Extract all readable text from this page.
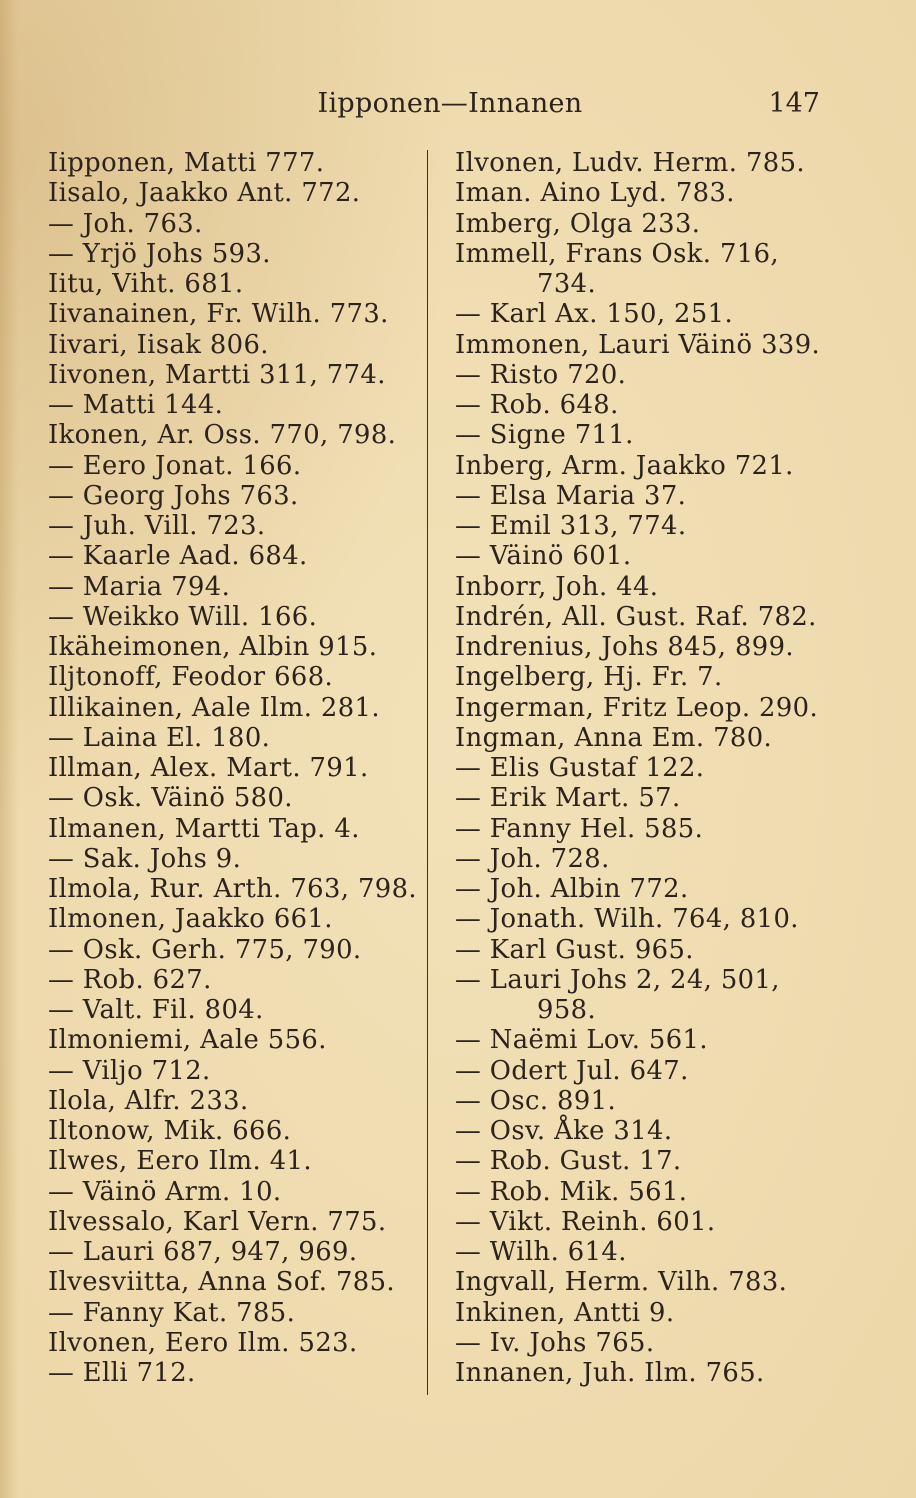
Iipponen—Innanen	147
Iipponen, Matti 777.
Iisalo, Jaakko Ant. 772.
— Joh. 763.
— Yrjö Johs 593.
Iitu, Viht. 681.
Iivanainen, Fr. Wilh. 773.
Iivari, Iisak 806.
Iivonen, Martti 311, 774.
— Matti 144.
Ikonen, Ar. Oss. 770, 798.
— Eero Jonat. 166.
— Georg Johs 763.
— Juh. Vill. 723.
— Kaarle Aad. 684.
— Maria 794.
— Weikko Will. 166.
Ikäheimonen, Albin 915.
Iljtonoff, Feodor 668.
Illikainen, Aale Ilm. 281.
— Laina El. 180.
Illman, Alex. Mart. 791.
— Osk. Väinö 580.
Ilmanen, Martti Tap. 4.
— Sak. Johs 9.
Ilmola, Rur. Arth. 763, 798.
Ilmonen, Jaakko 661.
— Osk. Gerh. 775, 790.
— Rob. 627.
— Valt. Fil. 804.
Ilmoniemi, Aale 556.
— Viljo 712.
Ilola, Alfr. 233.
Iltonow, Mik. 666.
Ilwes, Eero Ilm. 41.
— Väinö Arm. 10.
Ilvessalo, Karl Vern. 775.
— Lauri 687, 947, 969.
Ilvesviitta, Anna Sof. 785.
— Fanny Kat. 785.
Ilvonen, Eero Ilm. 523.
— Elli 712.
Ilvonen, Ludv. Herm. 785.
Iman. Aino Lyd. 783.
Imberg, Olga 233.
Immell, Frans Osk. 716,
734.
— Karl Ax. 150, 251.
Immonen, Lauri Väinö 339.
— Risto 720.
— Rob. 648.
— Signe 711.
Inberg, Arm. Jaakko 721.
— Elsa Maria 37.
— Emil 313, 774.
— Väinö 601.
Inborr, Joh. 44.
Indrén, All. Gust. Raf. 782.
Indrenius, Johs 845, 899.
Ingelberg, Hj. Fr. 7.
Ingerman, Fritz Leop. 290.
Ingman, Anna Em. 780.
— Elis Gustaf 122.
— Erik Mart. 57.
— Fanny Hel. 585.
— Joh. 728.
— Joh. Albin 772.
— Jonath. Wilh. 764, 810.
— Karl Gust. 965.
— Lauri Johs 2, 24, 501,
958.
— Naëmi Lov. 561.
— Odert Jul. 647.
— Osc. 891.
— Osv. Åke 314.
— Rob. Gust. 17.
— Rob. Mik. 561.
— Vikt. Reinh. 601.
— Wilh. 614.
Ingvall, Herm. Vilh. 783.
Inkinen, Antti 9.
— Iv. Johs 765.
Innanen, Juh. Ilm. 765.
